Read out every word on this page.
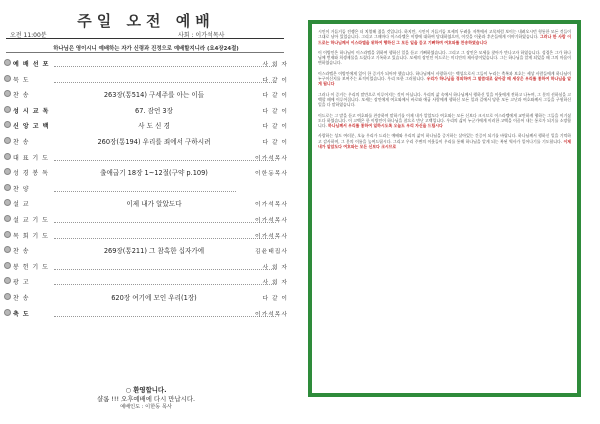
주일 오전 예배
오전 11:00분	사회 : 이가석목사
하나님은 영이시니 예배하는 자가 신령과 진정으로 예배할지니라 (요4장24절)
예 배 선 포	사 회 자
묵 도	다 같 이
찬 송	263장(통514) 구세주를 아는 이들	다 같 이
성 시 교 독	67. 잠언 3장	다 같 이
신 앙 고 백	사 도 신 경	다 같 이
찬 송	260장(통194) 우리를 죄에서 구하시려	다 같 이
대 표 기 도	이가석목사
성 경 봉 독	출애굽기 18장 1~12절(구약 p.109)	이한동목사
찬 양
설 교	이제 내가 알았도다	이가석목사
설 교 기 도	이가석목사
목 회 기 도	이가석목사
찬 송	269장(통211) 그 참혹한 십자가에	김윤태집사
봉 헌 기 도	사 회 자
광 고	사 회 자
찬 송	620장 여기에 모인 우리(1장)	다 같 이
축 도	이가석목사
○ 환영합니다.
샬롬 !!! 오후예배에 다시 만납시다.
예배인도 : 이한동 목사

시인이 거듭거듭 전쟁은 더 치열해 졌을 것입니다. 하지만, 시인이 거듭거듭 모세의 두려움 저쪽에서 고목처럼 보이는 내려오시던 형통한 모든 것들이 그대로 남아 있었습니다. 그리고 그때마다 이스라엘은 이방에 대하여 담대하였으며, 이것을 이웃과 후손들에게 이야기하였습니다. 그러나 한 사람 이드로는 하나님께서 이스라엘을 위하여 행하신 그 모든 일을 듣고 기뻐하며 여호와를 찬송하였습니다

이 이방인은 하나님이 이스라엘을 위하여 행하신 일을 듣고 기뻐하였습니다. 그리고 그 장인은 모세를 찾아가 만나고자 하였습니다. 성경은 그가 하나님께 번제와 희생제물을 드렸다고 기록하고 있습니다. 모세의 장인인 이드로는 미디안의 제사장이었습니다. 그는 하나님을 알게 되었을 때 그의 마음이 변하였습니다.

이스라엘은 이방인에게 있어 한 증거가 되어야 했습니다. 하나님께서 사랑하시는 백성으로서 그들이 누리는 축복과 보호는 세상 사람들에게 하나님이 누구이신지를 보여주는 표적이었습니다. 우리 또한 그러합니다. 우리가 하나님을 경외하며 그 말씀대로 살아갈 때 세상은 우리를 통하여 하나님을 알게 됩니다

그러나 이 증거는 우리의 말만으로 이루어지는 것이 아닙니다. 우리의 삶 속에서 하나님께서 행하신 일을 이웃에게 전하고 나누며, 그 분의 선하심을 고백할 때에 이루어집니다. 모세는 장인에게 여호와께서 바로와 애굽 사람에게 행하신 모든 일과 길에서 당한 모든 고난과 여호와께서 그들을 구원하신 일을 다 말하였습니다.

이드로는 그 말을 듣고 여호와를 찬송하며 말하기를 이제 내가 알았도다 여호와는 모든 신보다 크시므로 이스라엘에게 교만하게 행하는 그들을 이기셨도다 하였습니다. 이 고백은 한 이방인이 하나님을 참으로 만난 고백입니다. 우리의 삶이 누군가에게 이러한 고백을 이끌어 내는 통로가 되기를 소망합니다. 하나님께서 우리를 통하여 일하시도록 오늘도 우리 자신을 드립시다

사랑하는 성도 여러분, 오늘 우리가 드리는 예배와 우리의 삶이 하나님을 증거하는 살아있는 간증이 되기를 바랍니다. 하나님께서 행하신 일을 기억하고 감사하며, 그 분의 이름을 높여드립시다. 그리고 우리 주변의 이웃들이 우리를 통해 하나님을 알게 되는 복된 역사가 일어나기를 기도합니다. 이제 내가 알았도다 여호와는 모든 신보다 크시므로
